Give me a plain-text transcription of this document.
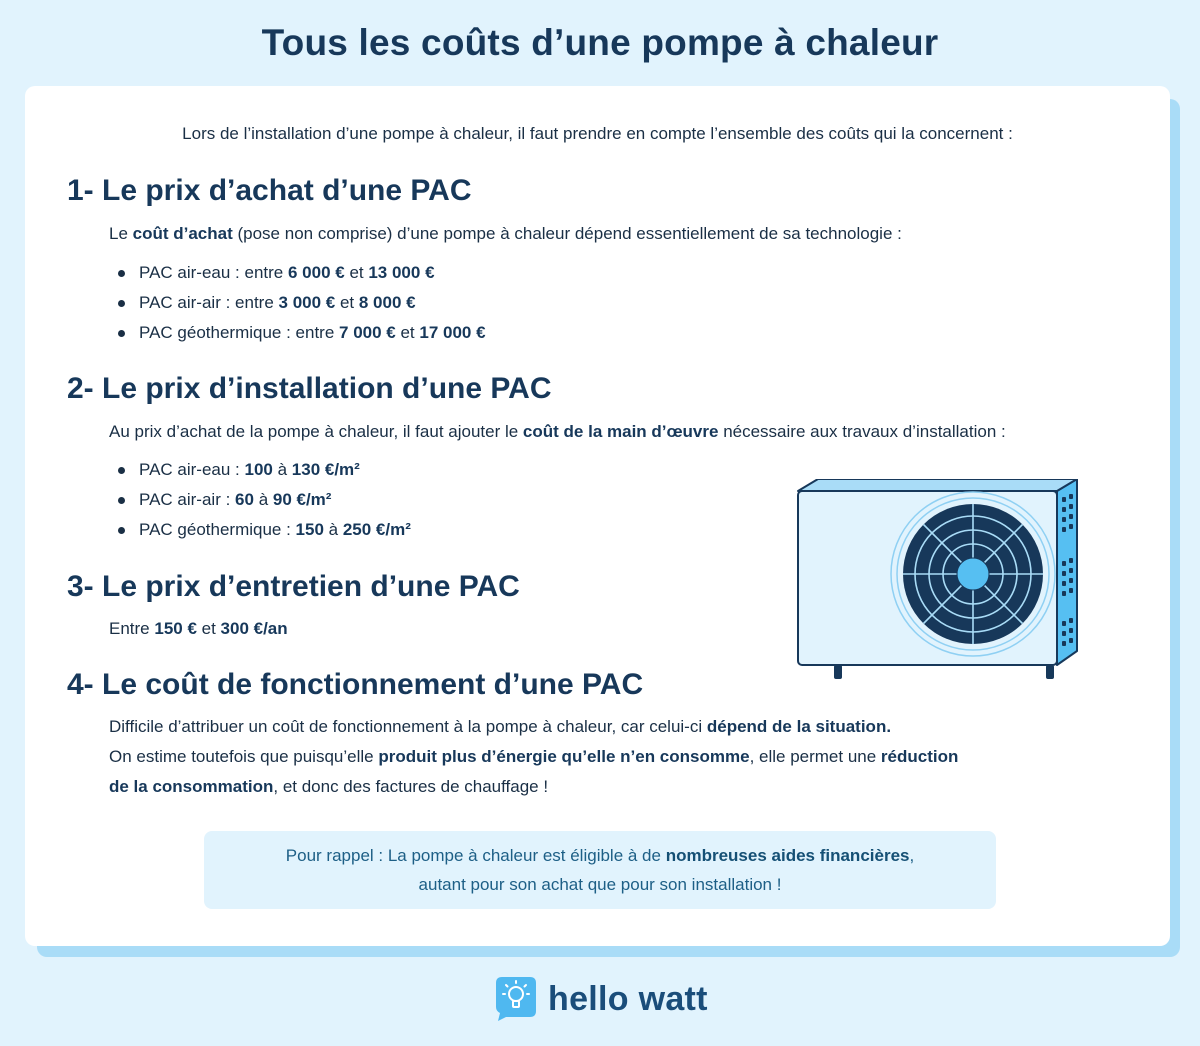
Tous les coûts d’une pompe à chaleur
Lors de l’installation d’une pompe à chaleur, il faut prendre en compte l’ensemble des coûts qui la concernent :
1- Le prix d’achat d’une PAC

Le coût d’achat (pose non comprise) d’une pompe à chaleur dépend essentiellement de sa technologie :

PAC air-eau : entre 6 000 € et 13 000 €
PAC air-air : entre 3 000 € et 8 000 €
PAC géothermique : entre 7 000 € et 17 000 €
2- Le prix d’installation d’une PAC

Au prix d’achat de la pompe à chaleur, il faut ajouter le coût de la main d’œuvre nécessaire aux travaux d’installation :

PAC air-eau : 100 à 130 €/m²
PAC air-air : 60 à 90 €/m²
PAC géothermique : 150 à 250 €/m²
3- Le prix d’entretien d’une PAC

Entre 150 € et 300 €/an

4- Le coût de fonctionnement d’une PAC

Difficile d’attribuer un coût de fonctionnement à la pompe à chaleur, car celui-ci dépend de la situation.
On estime toutefois que puisqu’elle produit plus d’énergie qu’elle n’en consomme, elle permet une réduction
de la consommation, et donc des factures de chauffage !

Pour rappel : La pompe à chaleur est éligible à de nombreuses aides financières,
autant pour son achat que pour son installation !
hello watt
